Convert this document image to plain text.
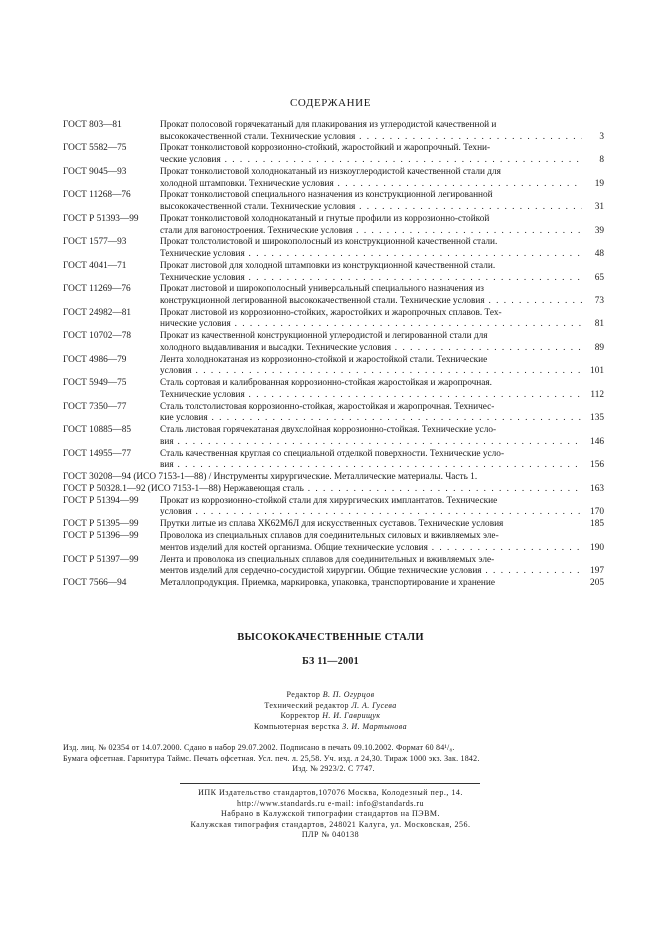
СОДЕРЖАНИЕ
ГОСТ 803—81	Прокат полосовой горячекатаный для плакирования из углеродистой качественной и
высококачественной стали. Технические условия . . .	3
ГОСТ 5582—75	Прокат тонколистовой коррозионно-стойкий, жаростойкий и жаропрочный. Техни-
ческие условия . . .	8
ГОСТ 9045—93	Прокат тонколистовой холоднокатаный из низкоуглеродистой качественной стали для
холодной штамповки. Технические условия . . .	19
ГОСТ 11268—76	Прокат тонколистовой специального назначения из конструкционной легированной
высококачественной стали. Технические условия . . .	31
ГОСТ Р 51393—99 Прокат тонколистовой холоднокатаный и гнутые профили из коррозионно-стойкой
стали для вагоностроения. Технические условия . . .	39
ГОСТ 1577—93	Прокат толстолистовой и широкополосный из конструкционной качественной стали.
Технические условия . . .	48
ГОСТ 4041—71	Прокат листовой для холодной штамповки из конструкционной качественной стали.
Технические условия . . .	65
ГОСТ 11269—76	Прокат листовой и широкополосный универсальный специального назначения из
конструкционной легированной высококачественной стали. Технические условия . . .	73
ГОСТ 24982—81	Прокат листовой из коррозионно-стойких, жаростойких и жаропрочных сплавов. Тех-
нические условия . . .	81
ГОСТ 10702—78	Прокат из качественной конструкционной углеродистой и легированной стали для
холодного выдавливания и высадки. Технические условия . . .	89
ГОСТ 4986—79	Лента холоднокатаная из коррозионно-стойкой и жаростойкой стали. Технические
условия . . .	101
ГОСТ 5949—75	Сталь сортовая и калиброванная коррозионно-стойкая жаростойкая и жаропрочная.
Технические условия . . .	112
ГОСТ 7350—77	Сталь толстолистовая коррозионно-стойкая, жаростойкая и жаропрочная. Техничес-
кие условия . . .	135
ГОСТ 10885—85	Сталь листовая горячекатаная двухслойная коррозионно-стойкая. Технические усло-
вия . . .	146
ГОСТ 14955—77	Сталь качественная круглая со специальной отделкой поверхности. Технические усло-
вия . . .	156
ГОСТ 30208—94 (ИСО 7153-1—88) / Инструменты хирургические. Металлические материалы. Часть 1.
ГОСТ Р 50328.1—92 (ИСО 7153-1—88) Нержавеющая сталь . . .	163
ГОСТ Р 51394—99 Прокат из коррозионно-стойкой стали для хирургических имплантатов. Технические
условия . . .	170
ГОСТ Р 51395—99 Прутки литые из сплава ХК62М6Л для искусственных суставов. Технические условия	185
ГОСТ Р 51396—99 Проволока из специальных сплавов для соединительных силовых и вживляемых эле-
ментов изделий для костей организма. Общие технические условия . . .	190
ГОСТ Р 51397—99 Лента и проволока из специальных сплавов для соединительных и вживляемых эле-
ментов изделий для сердечно-сосудистой хирургии. Общие технические условия . . .	197
ГОСТ 7566—94	Металлопродукция. Приемка, маркировка, упаковка, транспортирование и хранение	205
ВЫСОКОКАЧЕСТВЕННЫЕ СТАЛИ
БЗ 11—2001
Редактор В. П. Огурцов
Технический редактор Л. А. Гусева
Корректор Н. И. Гаврищук
Компьютерная верстка З. И. Мартынова
Изд. лиц. № 02354 от 14.07.2000. Сдано в набор 29.07.2002. Подписано в печать 09.10.2002. Формат 60 84¹/₈.
Бумага офсетная. Гарнитура Таймс. Печать офсетная. Усл. печ. л. 25,58. Уч. изд. л 24,30. Тираж 1000 экз. Зак. 1842.
Изд. № 2923/2. С 7747.
ИПК Издательство стандартов,107076 Москва, Колодезный пер., 14.
http://www.standards.ru e-mail: info@standards.ru
Набрано в Калужской типографии стандартов на ПЭВМ.
Калужская типография стандартов, 248021 Калуга, ул. Московская, 256.
ПЛР № 040138
